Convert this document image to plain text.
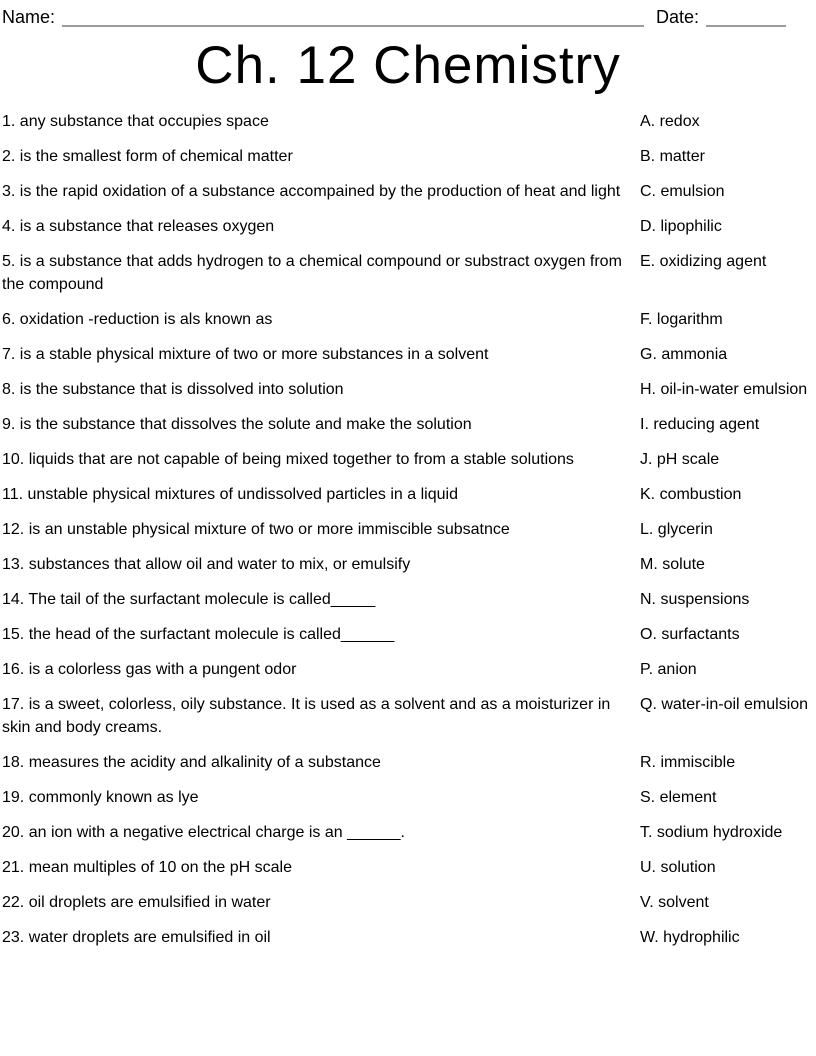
Name:	Date:
Ch. 12 Chemistry
1. any substance that occupies space	A. redox
2. is the smallest form of chemical matter	B. matter
3. is the rapid oxidation of a substance accompained by the production of heat and light	C. emulsion
4. is a substance that releases oxygen	D. lipophilic
5. is a substance that adds hydrogen to a chemical compound or substract oxygen from the compound
E. oxidizing agent
6. oxidation -reduction is als known as	F. logarithm
7. is a stable physical mixture of two or more substances in a solvent	G. ammonia
8. is the substance that is dissolved into solution	H. oil-in-water emulsion
9. is the substance that dissolves the solute and make the solution	I. reducing agent
10. liquids that are not capable of being mixed together to from a stable solutions	J. pH scale
11. unstable physical mixtures of undissolved particles in a liquid	K. combustion
12. is an unstable physical mixture of two or more immiscible subsatnce	L. glycerin
13. substances that allow oil and water to mix, or emulsify	M. solute
14. The tail of the surfactant molecule is called_____	N. suspensions
15. the head of the surfactant molecule is called______	O. surfactants
16. is a colorless gas with a pungent odor	P. anion
17. is a sweet, colorless, oily substance. It is used as a solvent and as a moisturizer in skin and body creams.
Q. water-in-oil emulsion
18. measures the acidity and alkalinity of a substance	R. immiscible
19. commonly known as lye	S. element
20. an ion with a negative electrical charge is an ______.	T. sodium hydroxide
21. mean multiples of 10 on the pH scale	U. solution
22. oil droplets are emulsified in water	V. solvent
23. water droplets are emulsified in oil	W. hydrophilic
